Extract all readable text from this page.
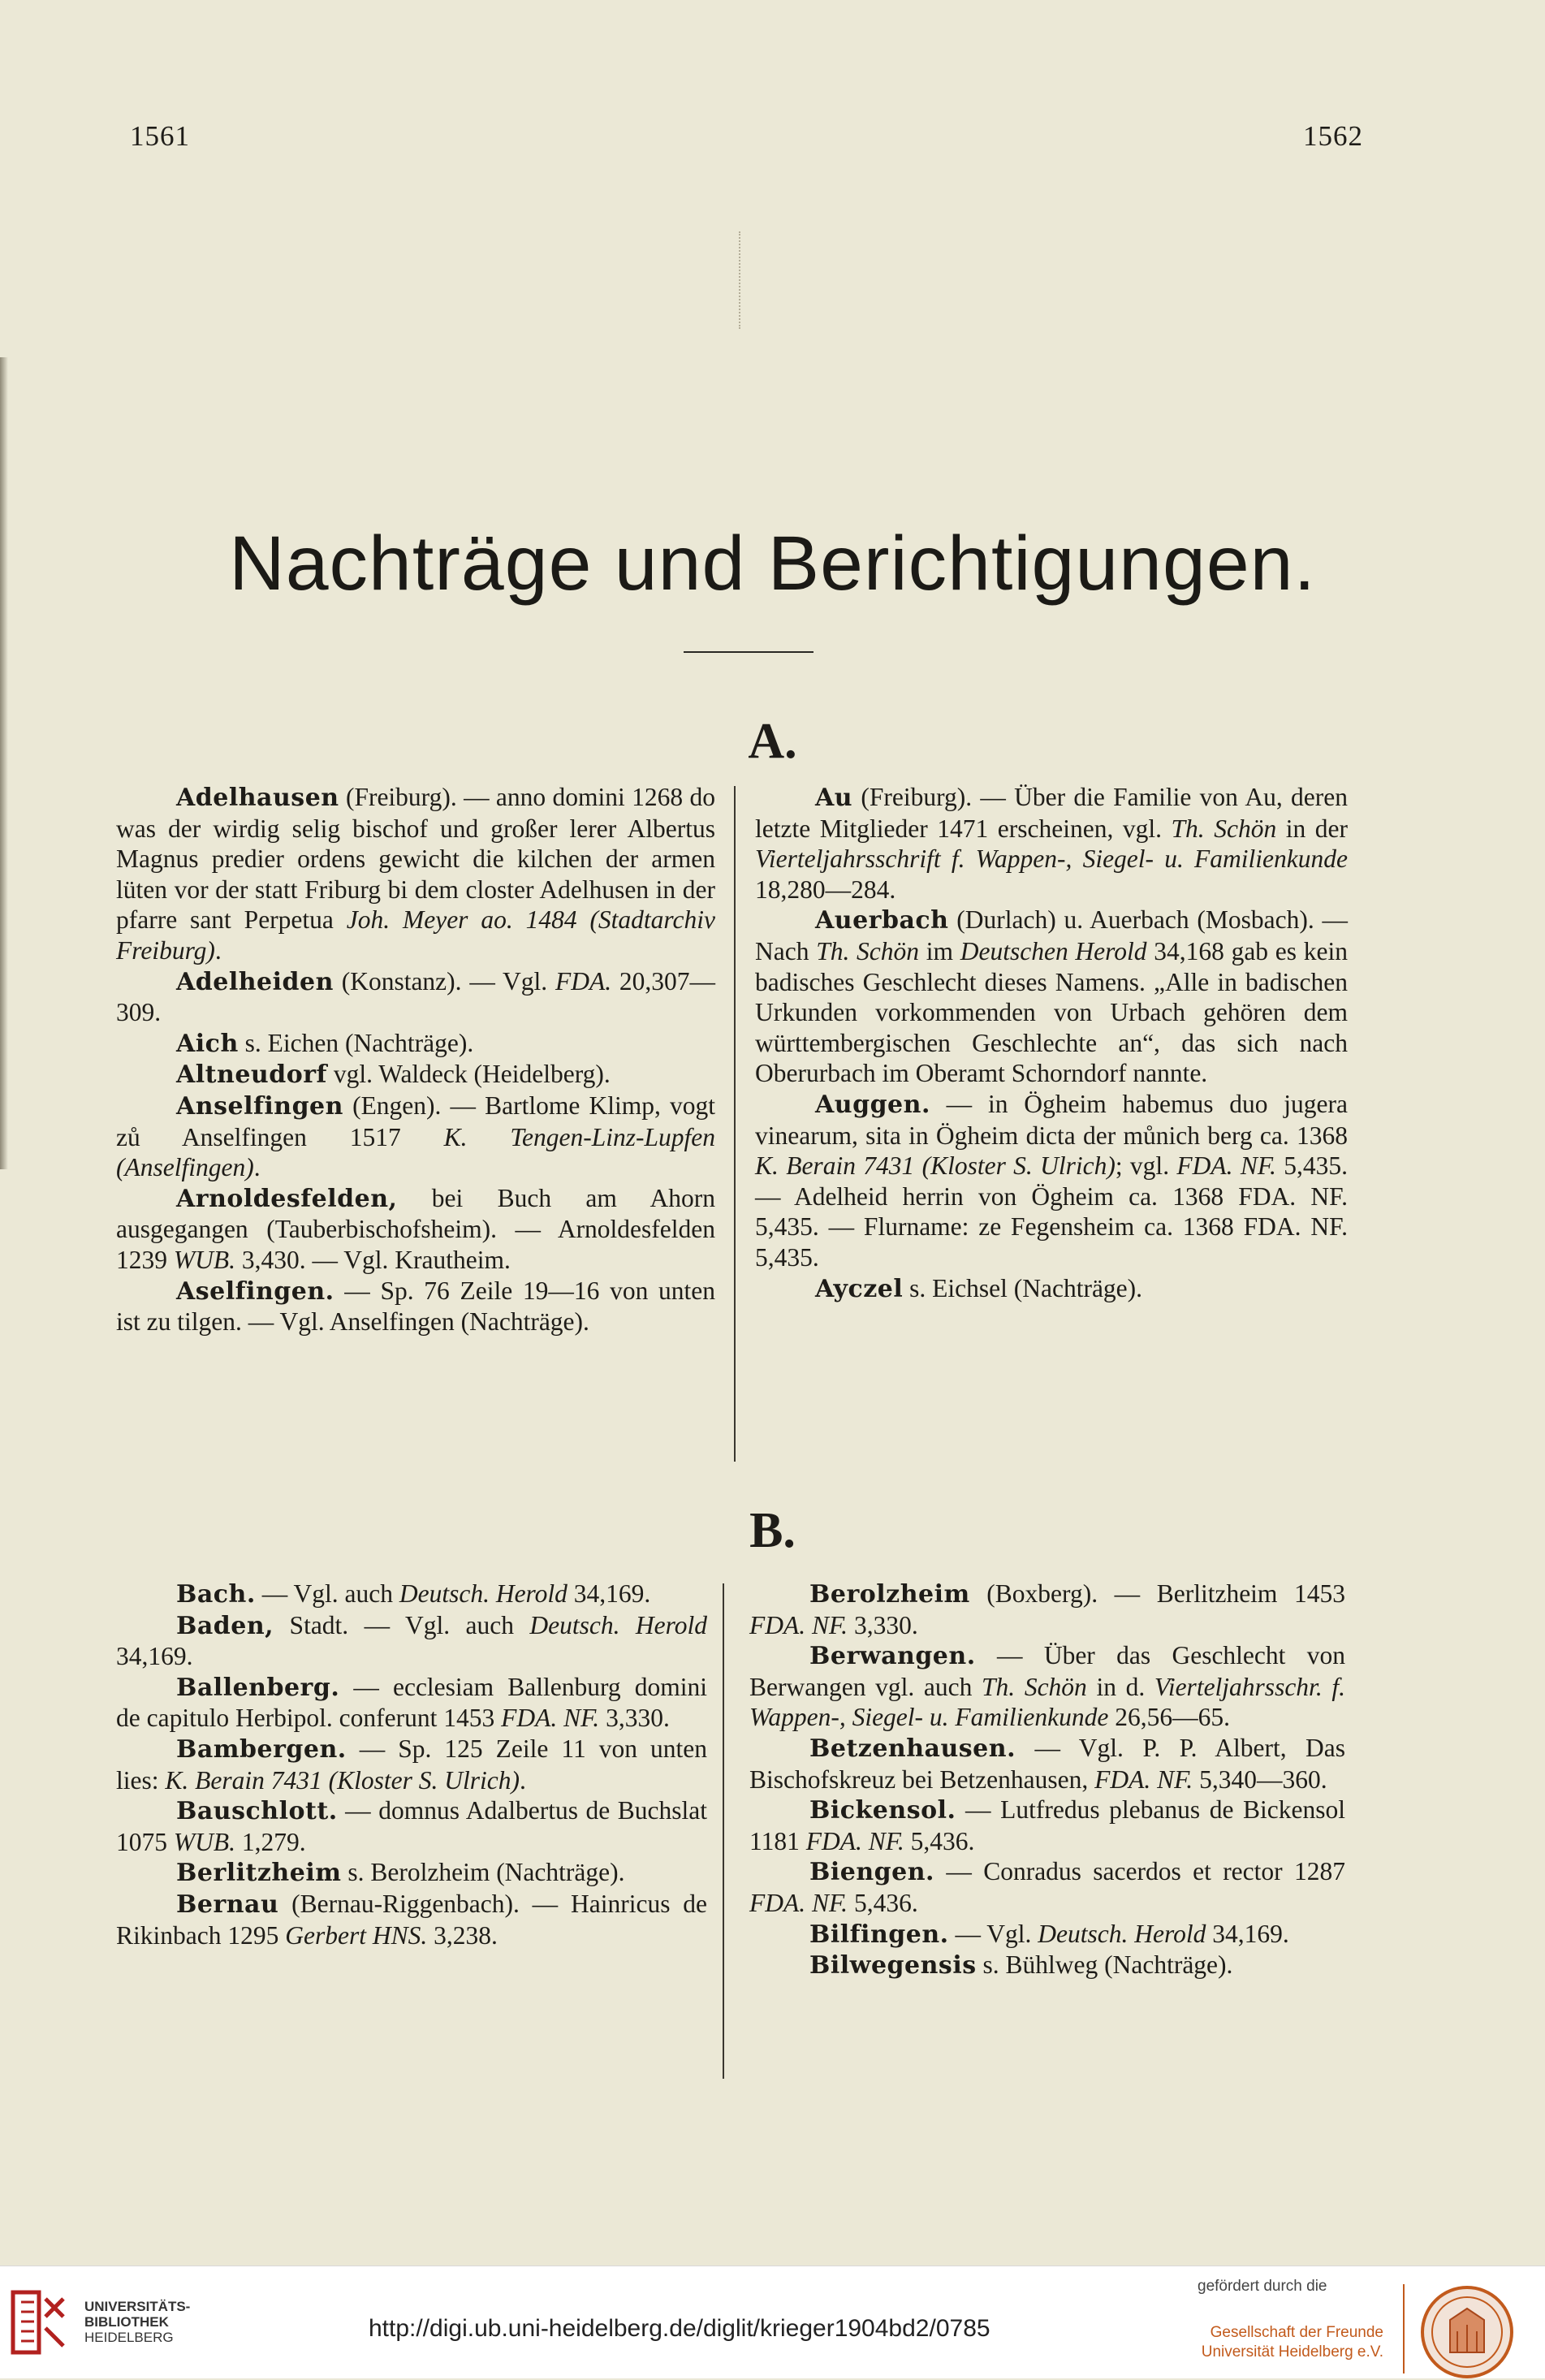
1561	1562
Nachträge und Berichtigungen.
A.

Adelhausen (Freiburg). — anno domini 1268 do was der wirdig selig bischof und großer lerer Albertus Magnus predier ordens gewicht die kilchen der armen lüten vor der statt Friburg bi dem closter Adelhusen in der pfarre sant Perpetua Joh. Meyer ao. 1484 (Stadtarchiv Freiburg).

Adelheiden (Konstanz). — Vgl. FDA. 20,307—309.

Aich s. Eichen (Nachträge).

Altneudorf vgl. Waldeck (Heidelberg).

Anselfingen (Engen). — Bartlome Klimp, vogt zů Anselfingen 1517 K. Tengen-Linz-Lupfen (Anselfingen).

Arnoldesfelden, bei Buch am Ahorn ausgegangen (Tauberbischofsheim). — Arnoldesfelden 1239 WUB. 3,430. — Vgl. Krautheim.

Aselfingen. — Sp. 76 Zeile 19—16 von unten ist zu tilgen. — Vgl. Anselfingen (Nachträge).

Au (Freiburg). — Über die Familie von Au, deren letzte Mitglieder 1471 erscheinen, vgl. Th. Schön in der Vierteljahrsschrift f. Wappen-, Siegel- u. Familienkunde 18,280—284.

Auerbach (Durlach) u. Auerbach (Mosbach). — Nach Th. Schön im Deutschen Herold 34,168 gab es kein badisches Geschlecht dieses Namens. „Alle in badischen Urkunden vorkommenden von Urbach gehören dem württembergischen Geschlechte an“, das sich nach Oberurbach im Oberamt Schorndorf nannte.

Auggen. — in Ögheim habemus duo jugera vinearum, sita in Ögheim dicta der můnich berg ca. 1368 K. Berain 7431 (Kloster S. Ulrich); vgl. FDA. NF. 5,435. — Adelheid herrin von Ögheim ca. 1368 FDA. NF. 5,435. — Flurname: ze Fegensheim ca. 1368 FDA. NF. 5,435.

Ayczel s. Eichsel (Nachträge).

B.

Bach. — Vgl. auch Deutsch. Herold 34,169.

Baden, Stadt. — Vgl. auch Deutsch. Herold 34,169.

Ballenberg. — ecclesiam Ballenburg domini de capitulo Herbipol. conferunt 1453 FDA. NF. 3,330.

Bambergen. — Sp. 125 Zeile 11 von unten lies: K. Berain 7431 (Kloster S. Ulrich).

Bauschlott. — domnus Adalbertus de Buchslat 1075 WUB. 1,279.

Berlitzheim s. Berolzheim (Nachträge).

Bernau (Bernau-Riggenbach). — Hainricus de Rikinbach 1295 Gerbert HNS. 3,238.

Berolzheim (Boxberg). — Berlitzheim 1453 FDA. NF. 3,330.

Berwangen. — Über das Geschlecht von Berwangen vgl. auch Th. Schön in d. Vierteljahrsschr. f. Wappen-, Siegel- u. Familienkunde 26,56—65.

Betzenhausen. — Vgl. P. P. Albert, Das Bischofskreuz bei Betzenhausen, FDA. NF. 5,340—360.

Bickensol. — Lutfredus plebanus de Bickensol 1181 FDA. NF. 5,436.

Biengen. — Conradus sacerdos et rector 1287 FDA. NF. 5,436.

Bilfingen. — Vgl. Deutsch. Herold 34,169.

Bilwegensis s. Bühlweg (Nachträge).

UNIVERSITÄTS-
BIBLIOTHEK
HEIDELBERG	http://digi.ub.uni-heidelberg.de/diglit/krieger1904bd2/0785
gefördert durch die
Gesellschaft der Freunde
Universität Heidelberg e.V.
